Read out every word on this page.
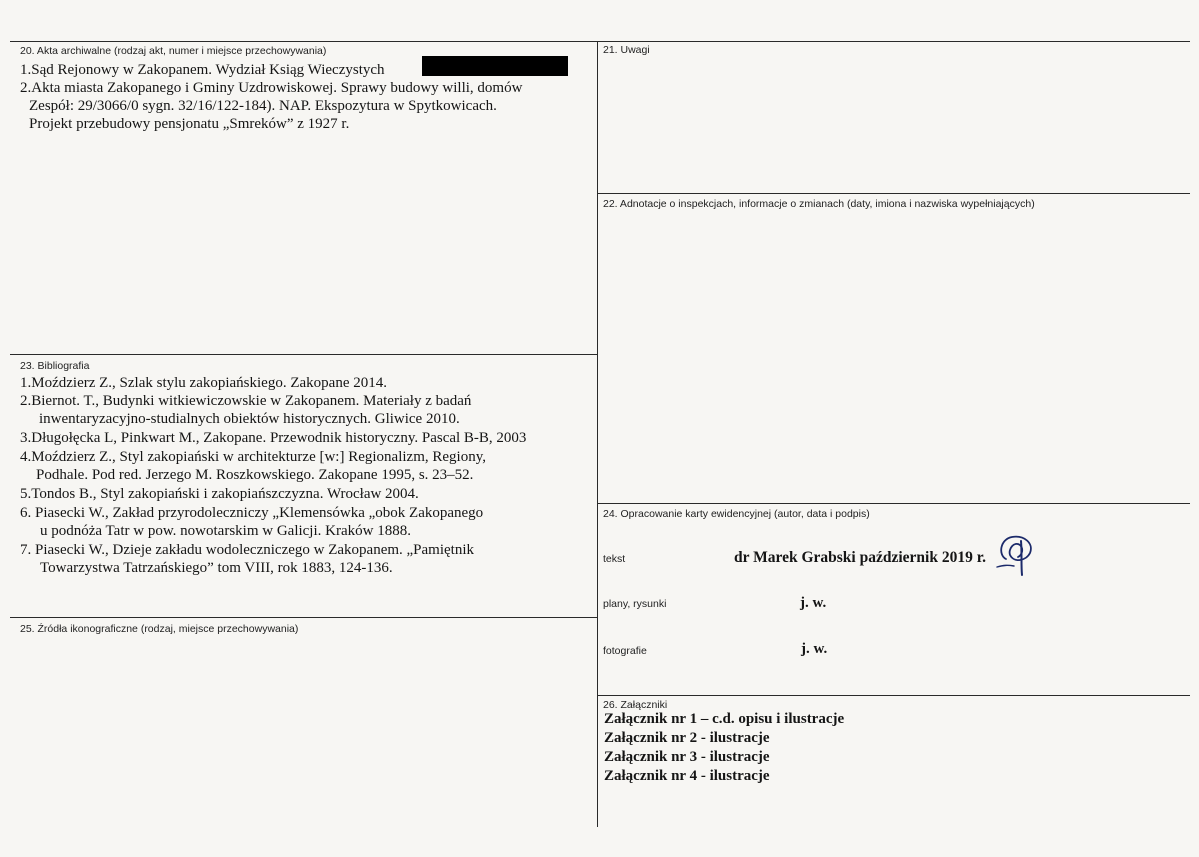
20. Akta archiwalne (rodzaj akt, numer i miejsce przechowywania)
1.Sąd Rejonowy w Zakopanem. Wydział Ksiąg Wieczystych
2.Akta miasta Zakopanego i Gminy Uzdrowiskowej. Sprawy budowy willi, domów
Zespół: 29/3066/0 sygn. 32/16/122-184). NAP. Ekspozytura w Spytkowicach.
Projekt przebudowy pensjonatu „Smreków” z 1927 r.
21. Uwagi
22. Adnotacje o inspekcjach, informacje o zmianach (daty, imiona i nazwiska wypełniających)
23. Bibliografia
1.Moździerz Z., Szlak stylu zakopiańskiego. Zakopane 2014.
2.Biernot. T., Budynki witkiewiczowskie w Zakopanem. Materiały z badań
inwentaryzacyjno-studialnych obiektów historycznych. Gliwice 2010.
3.Długołęcka L, Pinkwart M., Zakopane. Przewodnik historyczny. Pascal B-B, 2003
4.Moździerz Z., Styl zakopiański w architekturze [w:] Regionalizm, Regiony,
Podhale. Pod red. Jerzego M. Roszkowskiego. Zakopane 1995, s. 23–52.
5.Tondos B., Styl zakopiański i zakopiańszczyzna. Wrocław 2004.
6. Piasecki W., Zakład przyrodoleczniczy „Klemensówka „obok Zakopanego
u podnóża Tatr w pow. nowotarskim w Galicji. Kraków 1888.
7. Piasecki W., Dzieje zakładu wodoleczniczego w Zakopanem. „Pamiętnik
Towarzystwa Tatrzańskiego” tom VIII, rok 1883, 124-136.
24. Opracowanie karty ewidencyjnej (autor, data i podpis)
tekst	dr Marek Grabski październik 2019 r.
plany, rysunki	j. w.
fotografie	j. w.
25. Źródła ikonograficzne (rodzaj, miejsce przechowywania)
26. Załączniki
Załącznik nr 1 – c.d. opisu i ilustracje
Załącznik nr 2 - ilustracje
Załącznik nr 3 - ilustracje
Załącznik nr 4 - ilustracje
